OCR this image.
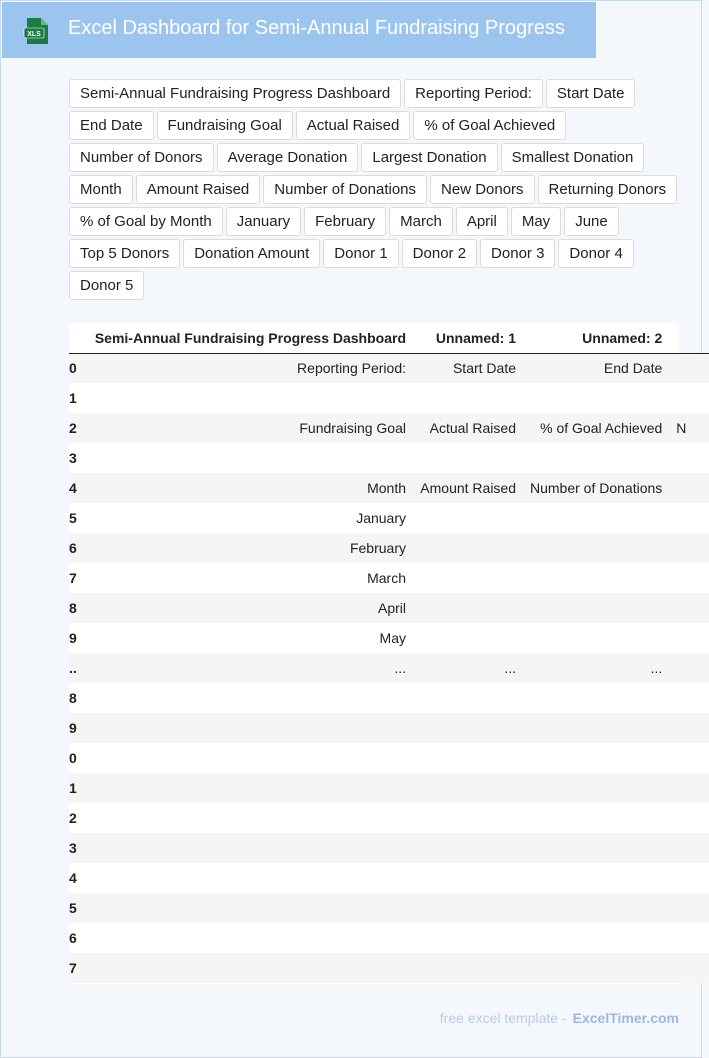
XLS Excel Dashboard for Semi-Annual Fundraising Progress
Semi-Annual Fundraising Progress Dashboard	Reporting Period:	Start Date
End Date	Fundraising Goal	Actual Raised	% of Goal Achieved
Number of Donors	Average Donation	Largest Donation	Smallest Donation
Month	Amount Raised	Number of Donations	New Donors	Returning Donors
% of Goal by Month	January	February	March	April	May	June
Top 5 Donors	Donation Amount	Donor 1	Donor 2	Donor 3	Donor 4
Donor 5
	Semi-Annual Fundraising Progress Dashboard	Unnamed: 1	Unnamed: 2	
0	Reporting Period:	Start Date	End Date	
1				
2	Fundraising Goal	Actual Raised	% of Goal Achieved	N
3				
4	Month	Amount Raised	Number of Donations	
5	January			
6	February			
7	March			
8	April			
9	May			
..	...	...	...	
8				
9				
0				
1				
2				
3				
4				
5				
6				
7				
free excel template - ExcelTimer.com
